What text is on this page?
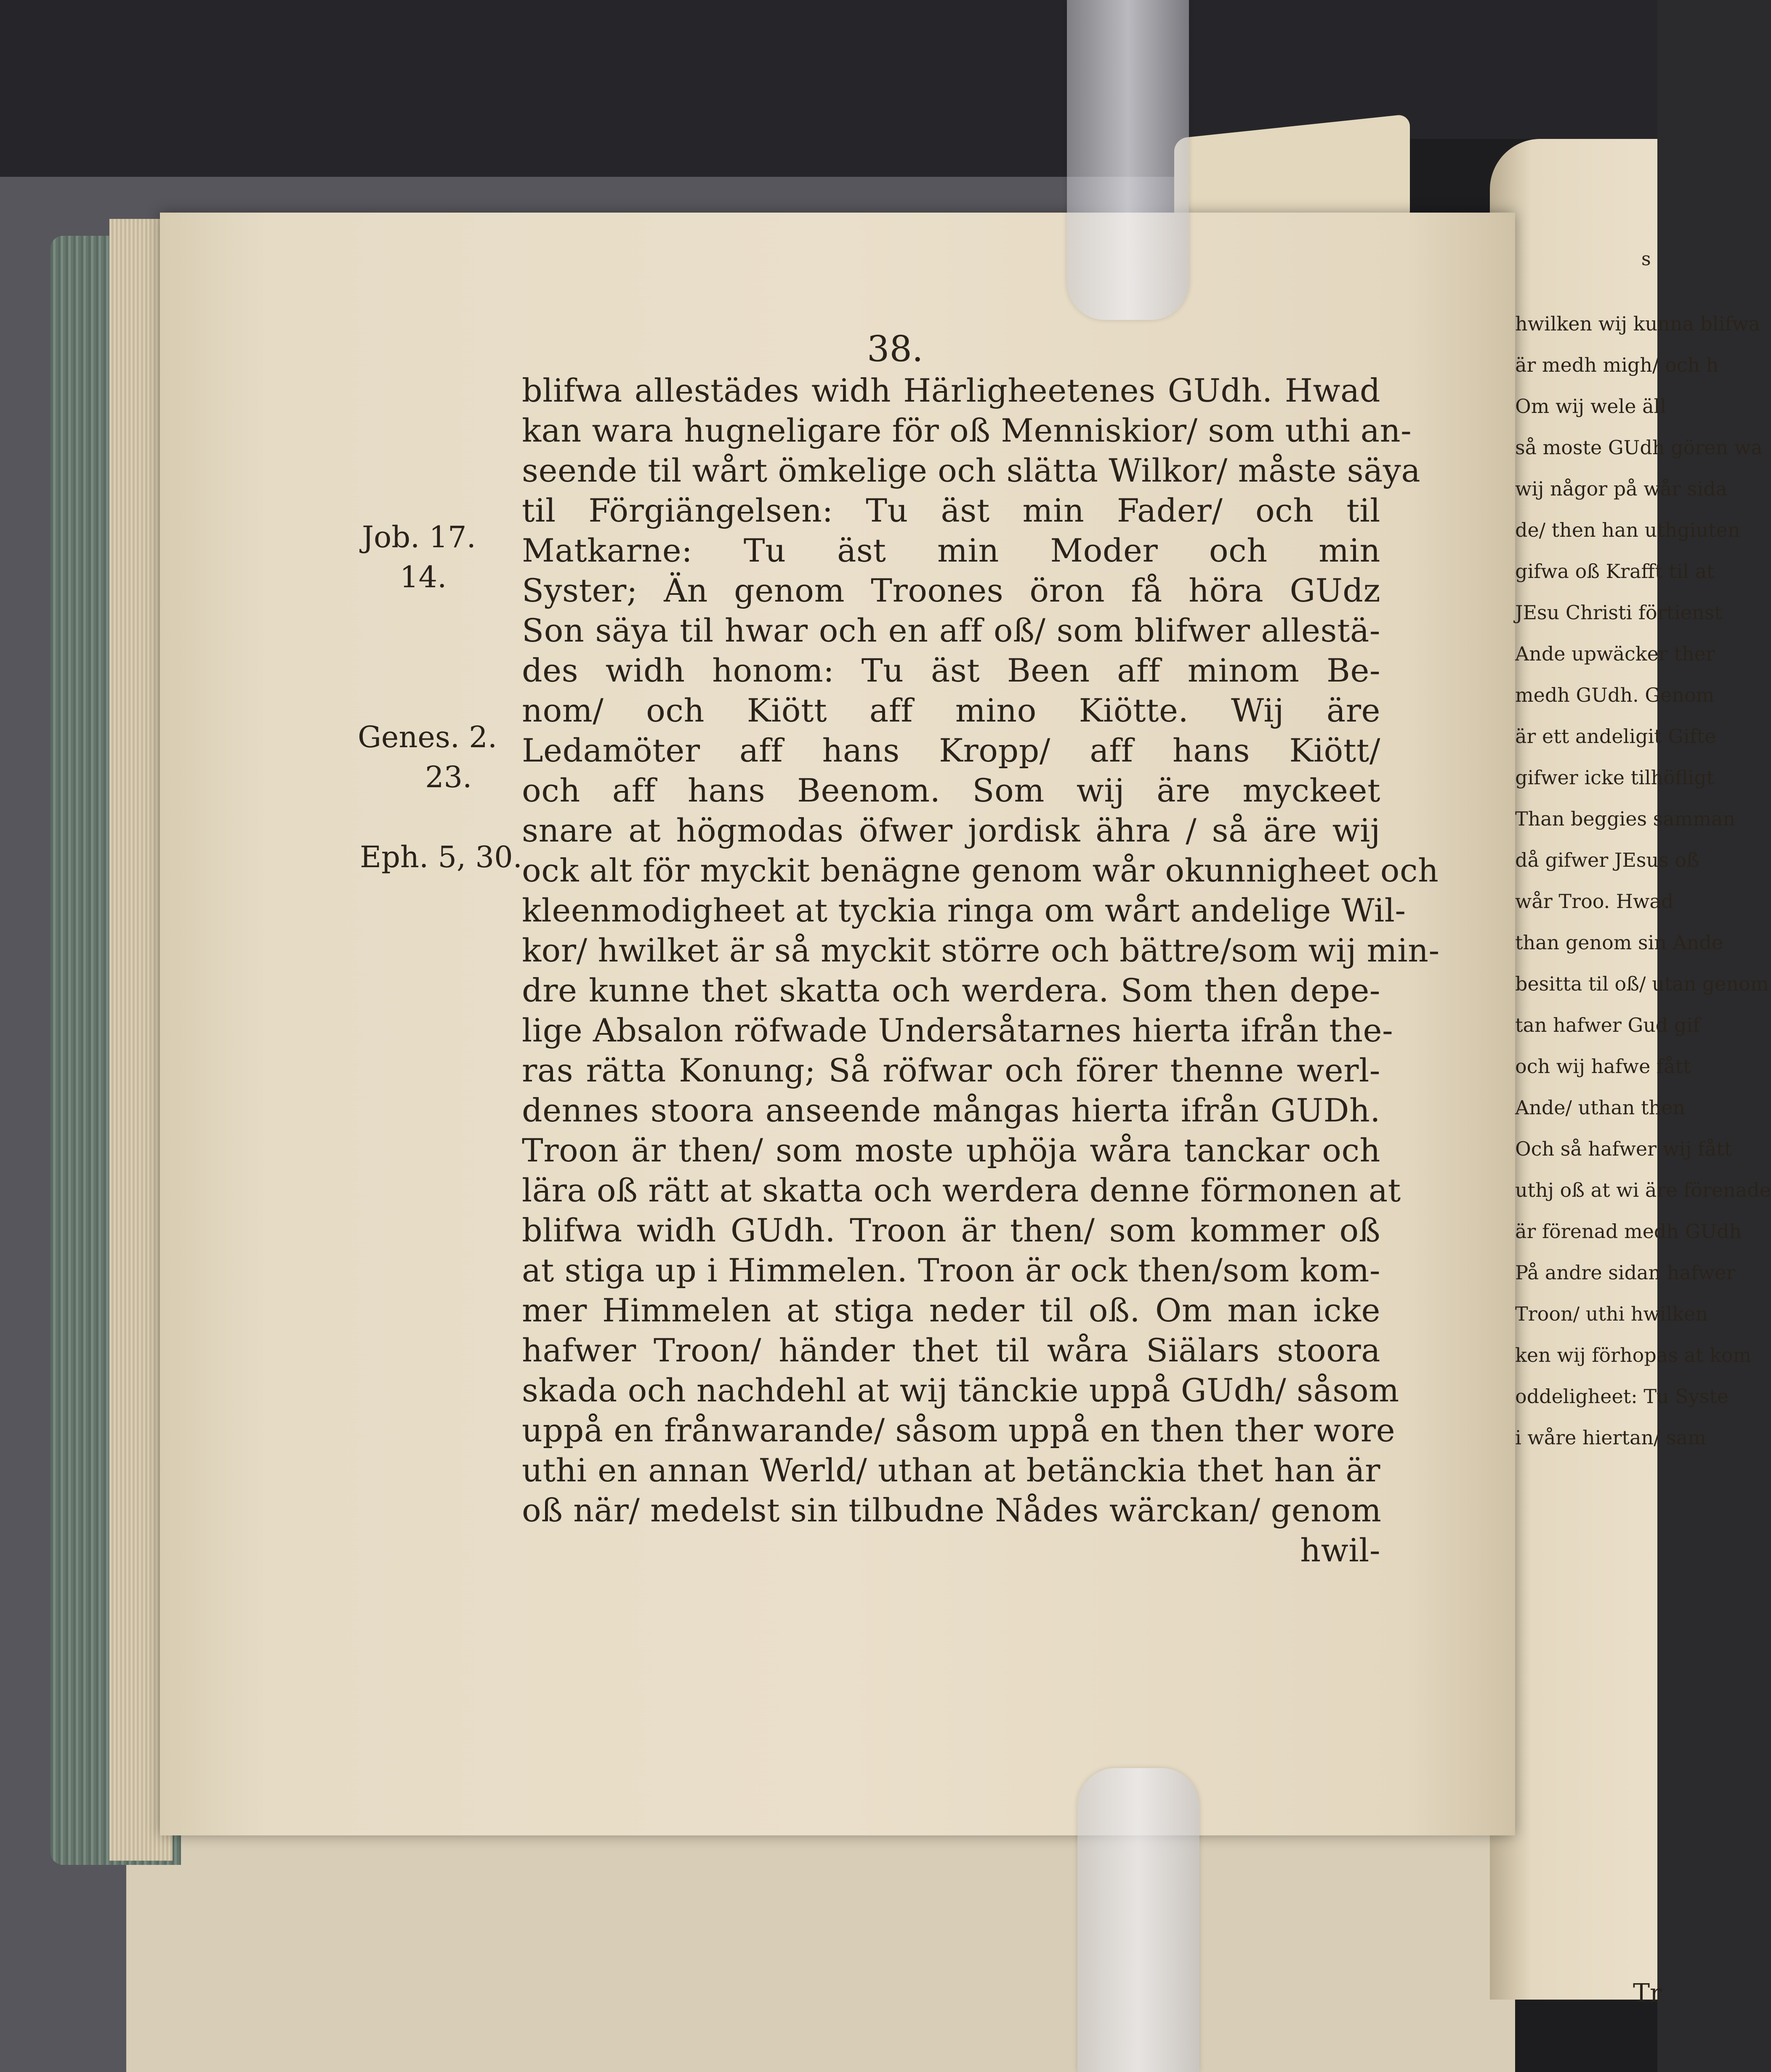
38.
blifwa allestädes widh Härligheetenes GUdh. Hwad
kan wara hugneligare för oß Menniskior/ som uthi an-
seende til wårt ömkelige och slätta Wilkor/ måste säya
til Förgiängelsen: Tu äst min Fader/ och til
Matkarne: Tu äst min Moder och min
Syster; Än genom Troones öron få höra GUdz
Son säya til hwar och en aff oß/ som blifwer allestä-
des widh honom: Tu äst Been aff minom Be-
nom/ och Kiött aff mino Kiötte. Wij äre
Ledamöter aff hans Kropp/ aff hans Kiött/
och aff hans Beenom. Som wij äre myckeet
snare at högmodas öfwer jordisk ähra / så äre wij
ock alt för myckit benägne genom wår okunnigheet och
kleenmodigheet at tyckia ringa om wårt andelige Wil-
kor/ hwilket är så myckit större och bättre/som wij min-
dre kunne thet skatta och werdera. Som then depe-
lige Absalon röfwade Undersåtarnes hierta ifrån the-
ras rätta Konung; Så röfwar och förer thenne werl-
dennes stoora anseende mångas hierta ifrån GUDh.
Troon är then/ som moste uphöja wåra tanckar och
lära oß rätt at skatta och werdera denne förmonen at
blifwa widh GUdh. Troon är then/ som kommer oß
at stiga up i Himmelen. Troon är ock then/som kom-
mer Himmelen at stiga neder til oß. Om man icke
hafwer Troon/ händer thet til wåra Siälars stoora
skada och nachdehl at wij tänckie uppå GUdh/ såsom
uppå en frånwarande/ såsom uppå en then ther wore
uthi en annan Werld/ uthan at betänckia thet han är
oß när/ medelst sin tilbudne Nådes wärckan/ genom
hwil-
Job. 17.
14.
Genes. 2.
23.
Eph. 5, 30.
s
hwilken wij kunna blifwa
är medh migh/ och h
Om wij wele äll
så moste GUdh gören wa
wij någor på wår sida
de/ then han uthgiuten
gifwa oß Krafft til at
JEsu Christi förtienst
Ande upwäcker ther
medh GUdh. Genom
är ett andeligit Gifte
gifwer icke tilhöfligt
Than beggies samman
då gifwer JEsus oß
wår Troo. Hwad
than genom sin Ande
besitta til oß/ utan genom
tan hafwer Gud gif
och wij hafwe fått
Ande/ uthan then
Och så hafwer wij fått
uthj oß at wi äre förenade
är förenad medh GUdh
På andre sidan hafwer
Troon/ uthi hwilken
ken wij förhopas at kom
oddeligheet: Tu Syste
i wåre hiertan/ sam
Tr
